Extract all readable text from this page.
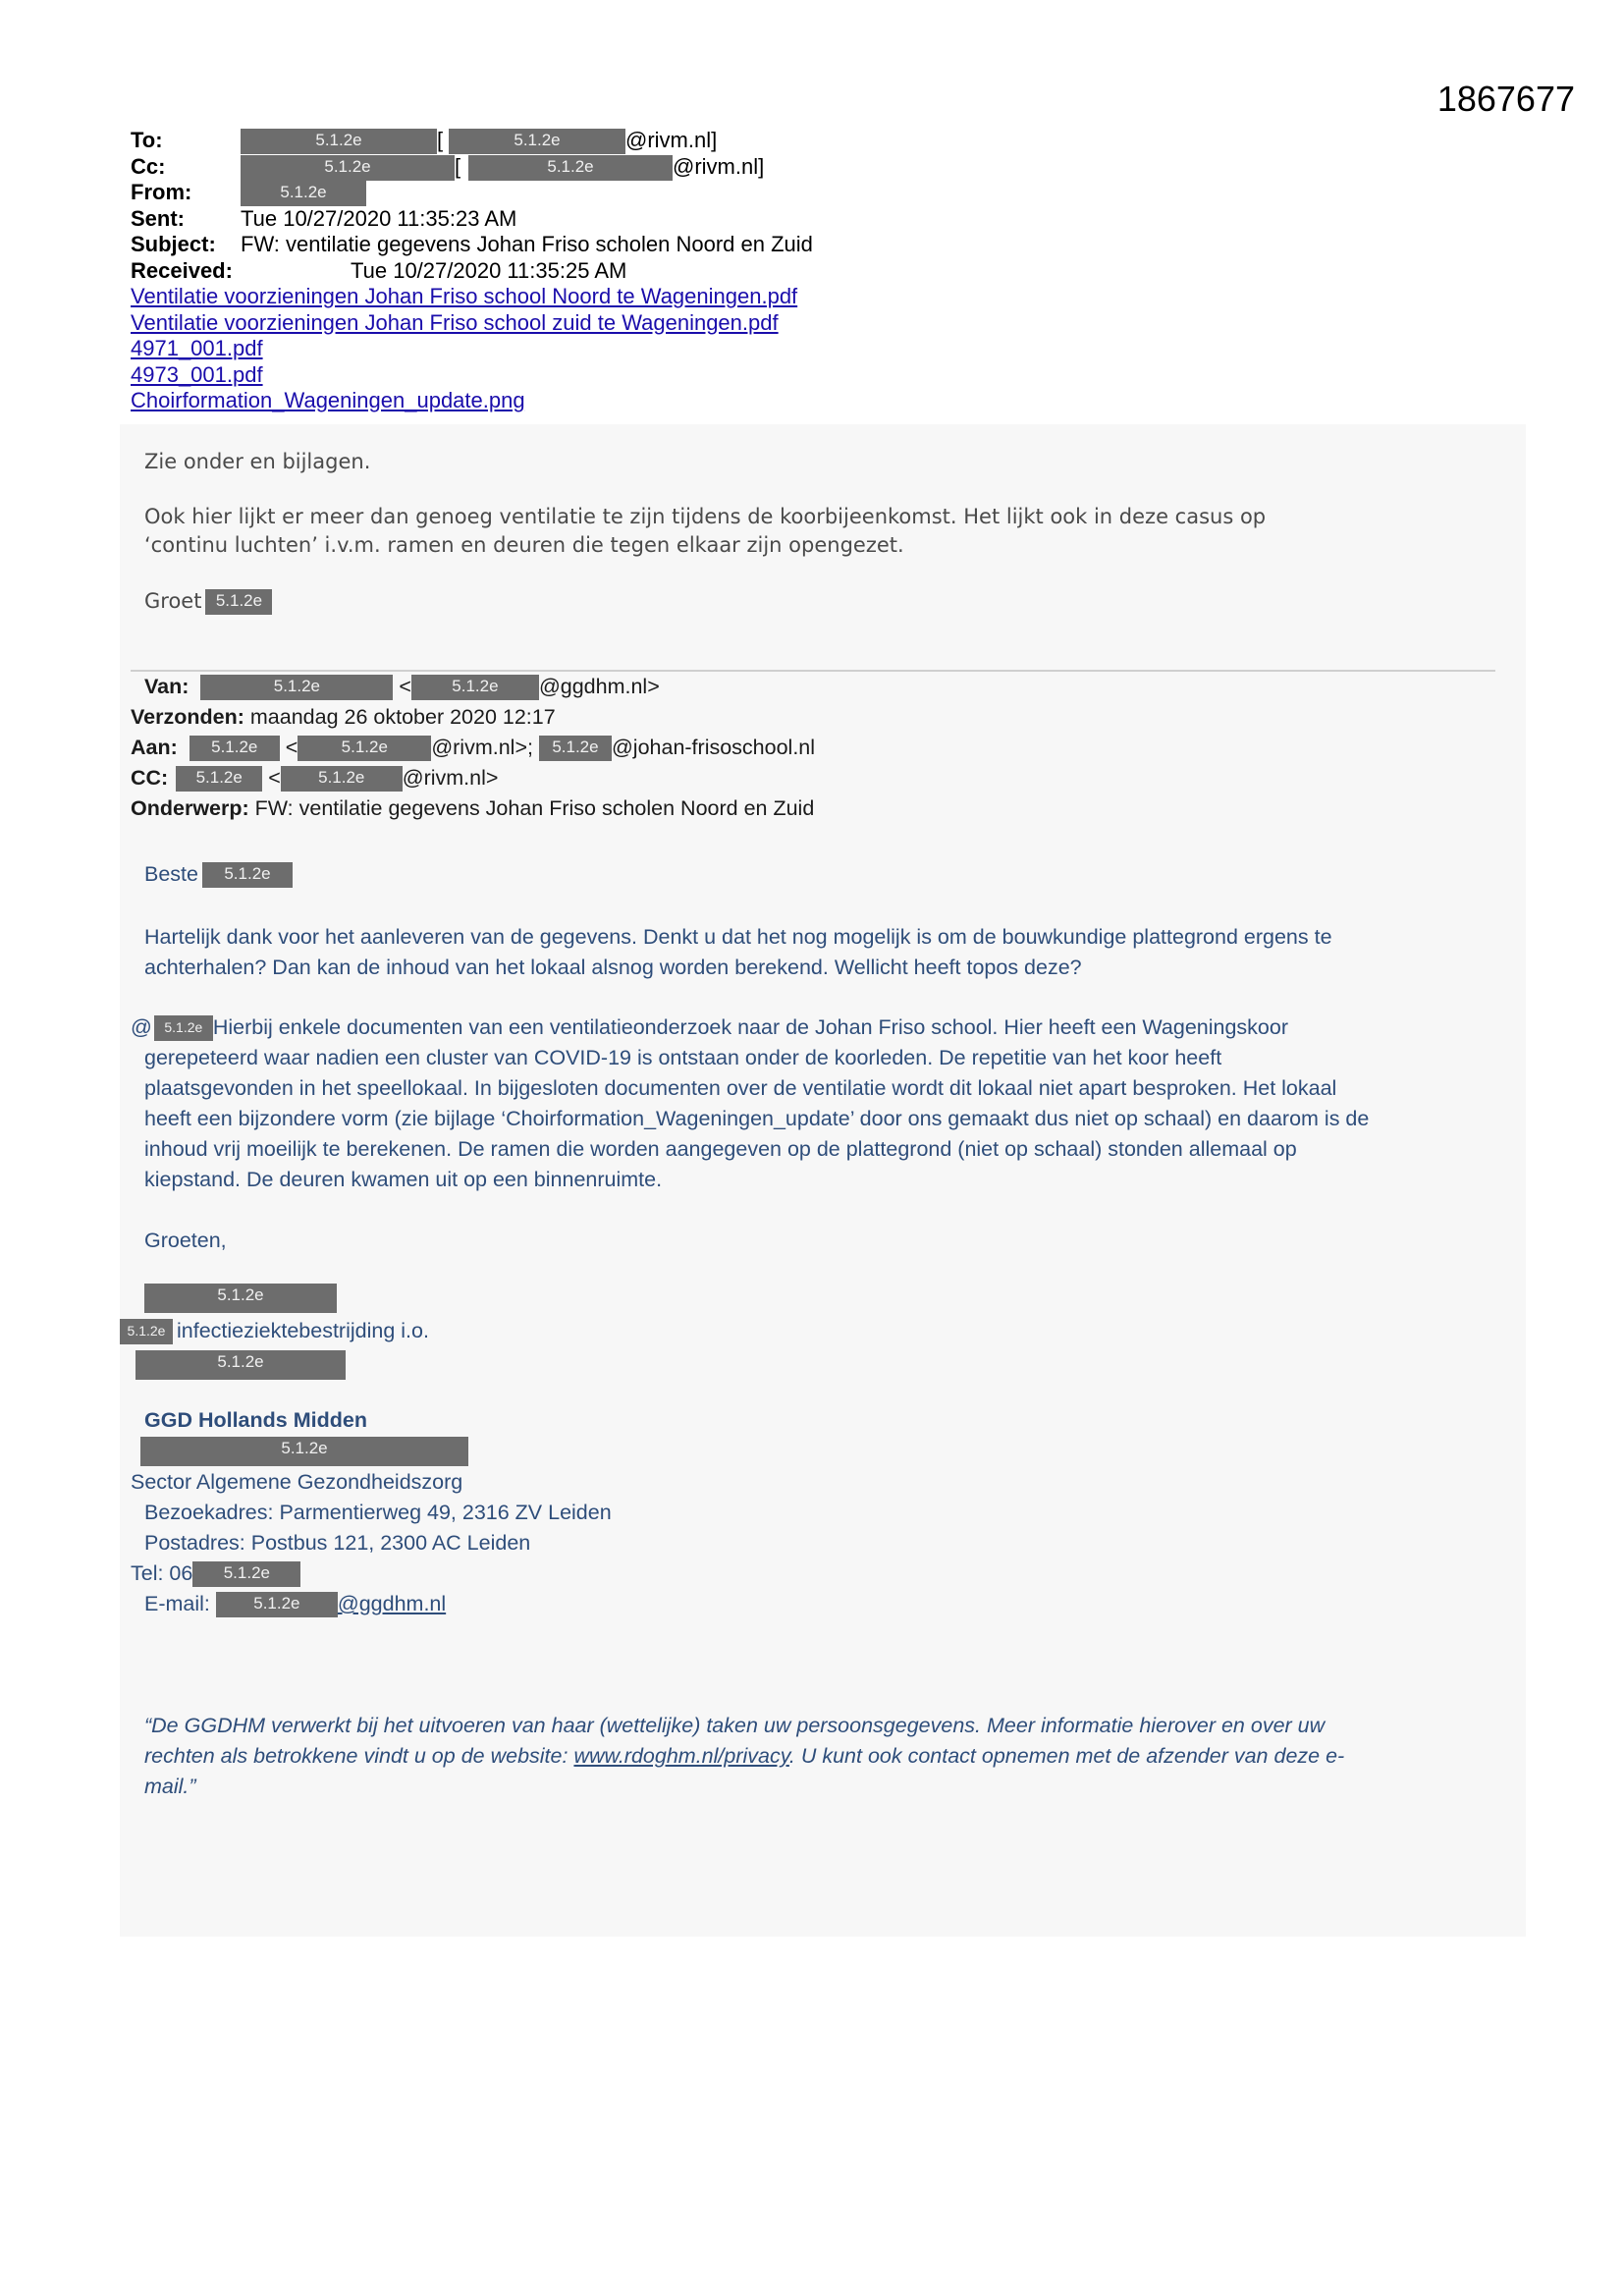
1867677
To:	5.1.2e	[	5.1.2e	@rivm.nl]
Cc:	5.1.2e	[	5.1.2e	@rivm.nl]
From:	5.1.2e
Sent:	Tue 10/27/2020 11:35:23 AM
Subject: FW: ventilatie gegevens Johan Friso scholen Noord en Zuid
Received:	Tue 10/27/2020 11:35:25 AM
Ventilatie voorzieningen Johan Friso school Noord te Wageningen.pdf
Ventilatie voorzieningen Johan Friso school zuid te Wageningen.pdf
4971_001.pdf
4973_001.pdf
Choirformation_Wageningen_update.png
Zie onder en bijlagen.
Ook hier lijkt er meer dan genoeg ventilatie te zijn tijdens de koorbijeenkomst. Het lijkt ook in deze casus op
‘continu luchten’ i.v.m. ramen en deuren die tegen elkaar zijn opengezet.
Groet 5.1.2e
Van:	5.1.2e	< 5.1.2e @ggdhm.nl>
Verzonden: maandag 26 oktober 2020 12:17
Aan: 5.1.2e <	5.1.2e @rivm.nl>; 5.1.2e @johan-frisoschool.nl
CC: 5.1.2e < 5.1.2e @rivm.nl>
Onderwerp: FW: ventilatie gegevens Johan Friso scholen Noord en Zuid
Beste 5.1.2e
Hartelijk dank voor het aanleveren van de gegevens. Denkt u dat het nog mogelijk is om de bouwkundige plattegrond ergens te
achterhalen? Dan kan de inhoud van het lokaal alsnog worden berekend. Wellicht heeft topos deze?
@ 5.1.2e Hierbij enkele documenten van een ventilatieonderzoek naar de Johan Friso school. Hier heeft een Wageningskoor
gerepeteerd waar nadien een cluster van COVID-19 is ontstaan onder de koorleden. De repetitie van het koor heeft
plaatsgevonden in het speellokaal. In bijgesloten documenten over de ventilatie wordt dit lokaal niet apart besproken. Het lokaal
heeft een bijzondere vorm (zie bijlage ‘Choirformation_Wageningen_update’ door ons gemaakt dus niet op schaal) en daarom is de
inhoud vrij moeilijk te berekenen. De ramen die worden aangegeven op de plattegrond (niet op schaal) stonden allemaal op
kiepstand. De deuren kwamen uit op een binnenruimte.
Groeten,
5.1.2e
5.1.2e infectieziektebestrijding i.o.
5.1.2e
GGD Hollands Midden
5.1.2e
Sector Algemene Gezondheidszorg
Bezoekadres: Parmentierweg 49, 2316 ZV Leiden
Postadres: Postbus 121, 2300 AC Leiden
Tel: 06 5.1.2e
E-mail:	5.1.2e @ggdhm.nl
“De GGDHM verwerkt bij het uitvoeren van haar (wettelijke) taken uw persoonsgegevens. Meer informatie hierover en over uw
rechten als betrokkene vindt u op de website: www.rdoghm.nl/privacy. U kunt ook contact opnemen met de afzender van deze e-
mail.”
